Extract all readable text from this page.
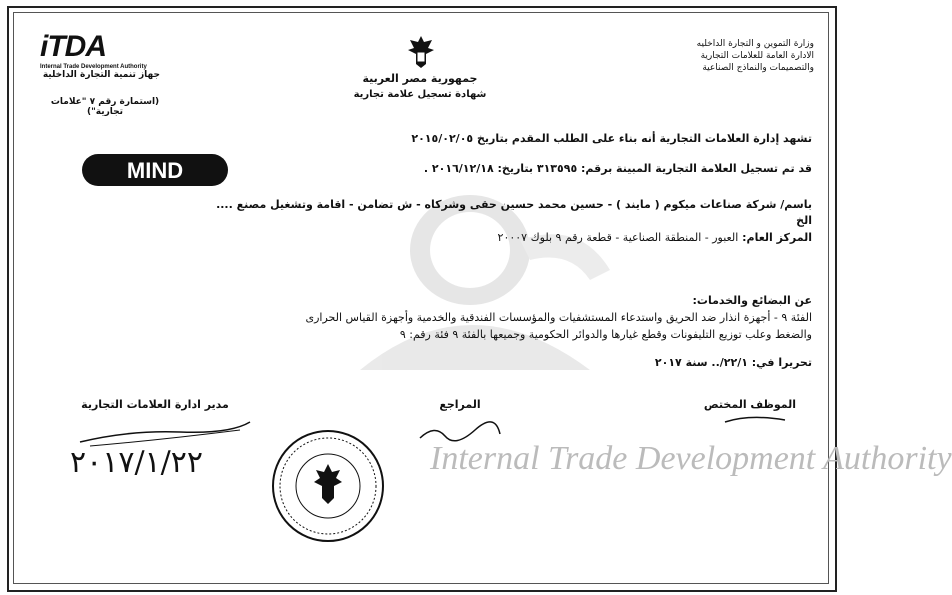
Internal Trade Development Authority
iTDA
Internal Trade Development Authority
جهاز تنمية التجارة الداخلية
(استمارة رقم ٧ "علامات تجارية")
جمهورية مصر العربية
شهادة تسجيل علامة تجارية
وزارة التموين و التجارة الداخليه
الادارة العامة للعلامات التجارية
والتصميمات والنماذج الصناعية
MIND
تشهد إدارة العلامات التجارية أنه بناء على الطلب المقدم بتاريخ ٢٠١٥/٠٢/٠٥
قد تم تسجيل العلامة التجارية المبينة برقم: ٣١٣٥٩٥ بتاريخ: ٢٠١٦/١٢/١٨ .
باسم/ شركة صناعات ميكوم ( مايند ) - حسين محمد حسين حقى وشركاه - ش تضامن - اقامة وتشغيل مصنع ....
الخ
المركز العام: العبور - المنطقة الصناعية - قطعة رقم ٩ بلوك ٢٠٠٠٧
عن البضائع والخدمات:
الفئة ٩ - أجهزة انذار ضد الحريق واستدعاء المستشفيات والمؤسسات الفندقية والخدمية وأجهزة القياس الحرارى
والضغط وعلب توزيع التليفونات وقطع غيارها والدوائر الحكومية وجميعها بالفئة ٩ فئة رقم: ٩
تحريرا في: ٢٢/١/.. سنة ٢٠١٧
مدير ادارة العلامات التجارية	المراجع	الموظف المختص
٢٠١٧/١/٢٢
